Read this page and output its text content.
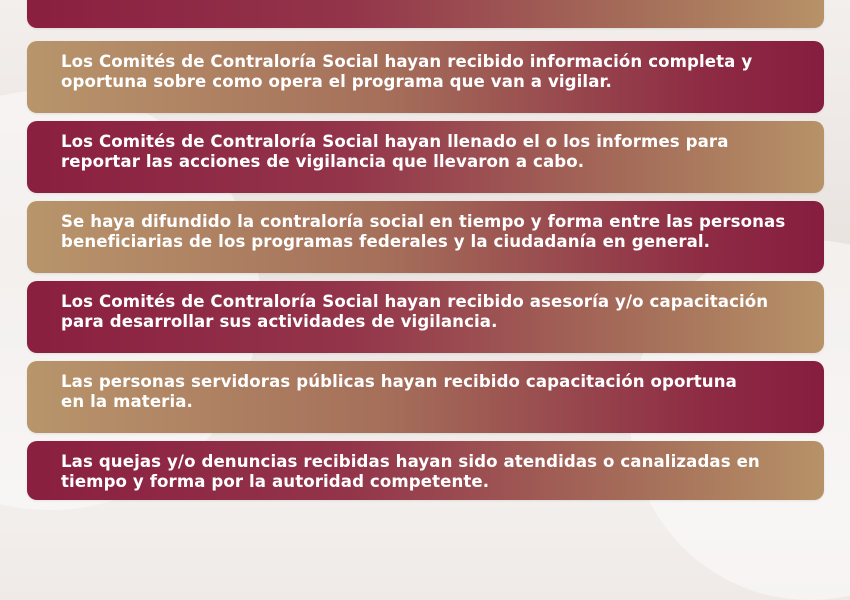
Los Comités de Contraloría Social hayan recibido información completa y
oportuna sobre como opera el programa que van a vigilar.
Los Comités de Contraloría Social hayan llenado el o los informes para
reportar las acciones de vigilancia que llevaron a cabo.
Se haya difundido la contraloría social en tiempo y forma entre las personas
beneficiarias de los programas federales y la ciudadanía en general.
Los Comités de Contraloría Social hayan recibido asesoría y/o capacitación
para desarrollar sus actividades de vigilancia.
Las personas servidoras públicas hayan recibido capacitación oportuna
en la materia.
Las quejas y/o denuncias recibidas hayan sido atendidas o canalizadas en
tiempo y forma por la autoridad competente.
